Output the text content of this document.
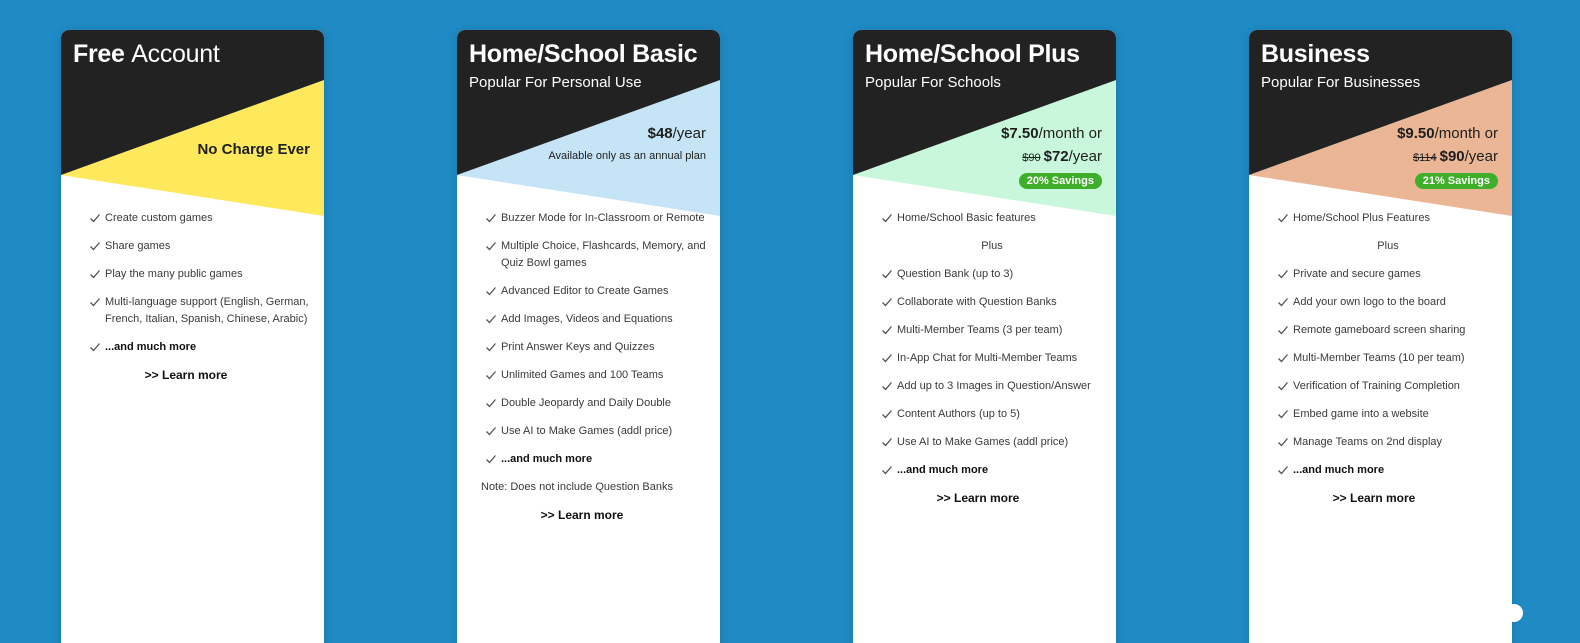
Free Account
No Charge Ever
Create custom games
Share games
Play the many public games
Multi-language support (English, German, French, Italian, Spanish, Chinese, Arabic)
...and much more
>> Learn more
Home/School Basic
Popular For Personal Use
$48/year
Available only as an annual plan
Buzzer Mode for In-Classroom or Remote
Multiple Choice, Flashcards, Memory, and Quiz Bowl games
Advanced Editor to Create Games
Add Images, Videos and Equations
Print Answer Keys and Quizzes
Unlimited Games and 100 Teams
Double Jeopardy and Daily Double
Use AI to Make Games (addl price)
...and much more
Note: Does not include Question Banks
>> Learn more
Home/School Plus
Popular For Schools
$7.50/month or
$90 $72/year
20% Savings
Home/School Basic features
Plus
Question Bank (up to 3)
Collaborate with Question Banks
Multi-Member Teams (3 per team)
In-App Chat for Multi-Member Teams
Add up to 3 Images in Question/Answer
Content Authors (up to 5)
Use AI to Make Games (addl price)
...and much more
>> Learn more
Business
Popular For Businesses
$9.50/month or
$114 $90/year
21% Savings
Home/School Plus Features
Plus
Private and secure games
Add your own logo to the board
Remote gameboard screen sharing
Multi-Member Teams (10 per team)
Verification of Training Completion
Embed game into a website
Manage Teams on 2nd display
...and much more
>> Learn more
